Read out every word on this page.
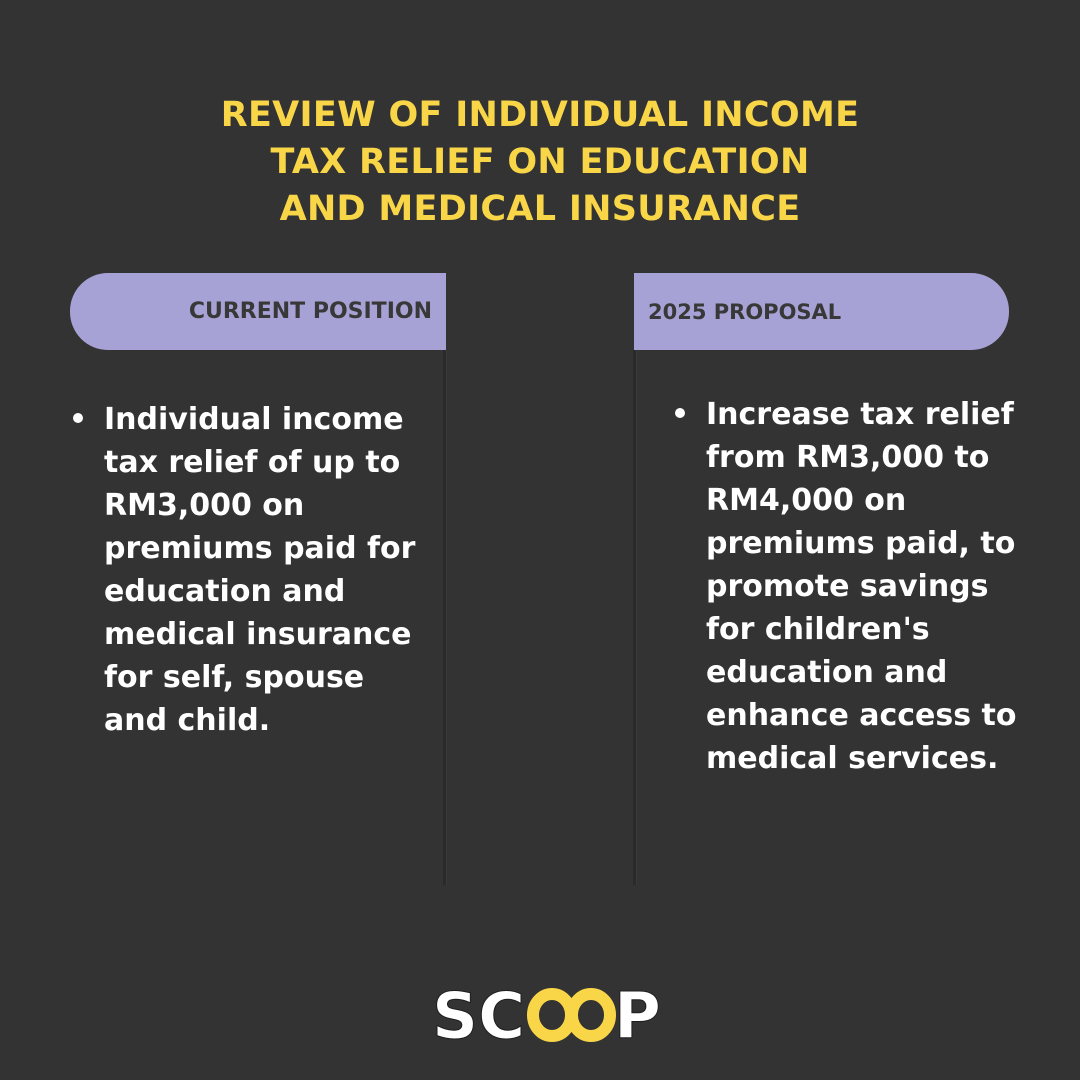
REVIEW OF INDIVIDUAL INCOME
TAX RELIEF ON EDUCATION
AND MEDICAL INSURANCE
CURRENT POSITION	2025 PROPOSAL
Individual income
tax relief of up to
RM3,000 on
premiums paid for
education and
medical insurance
for self, spouse
and child.
Increase tax relief
from RM3,000 to
RM4,000 on
premiums paid, to
promote savings
for children's
education and
enhance access to
medical services.
SC P
